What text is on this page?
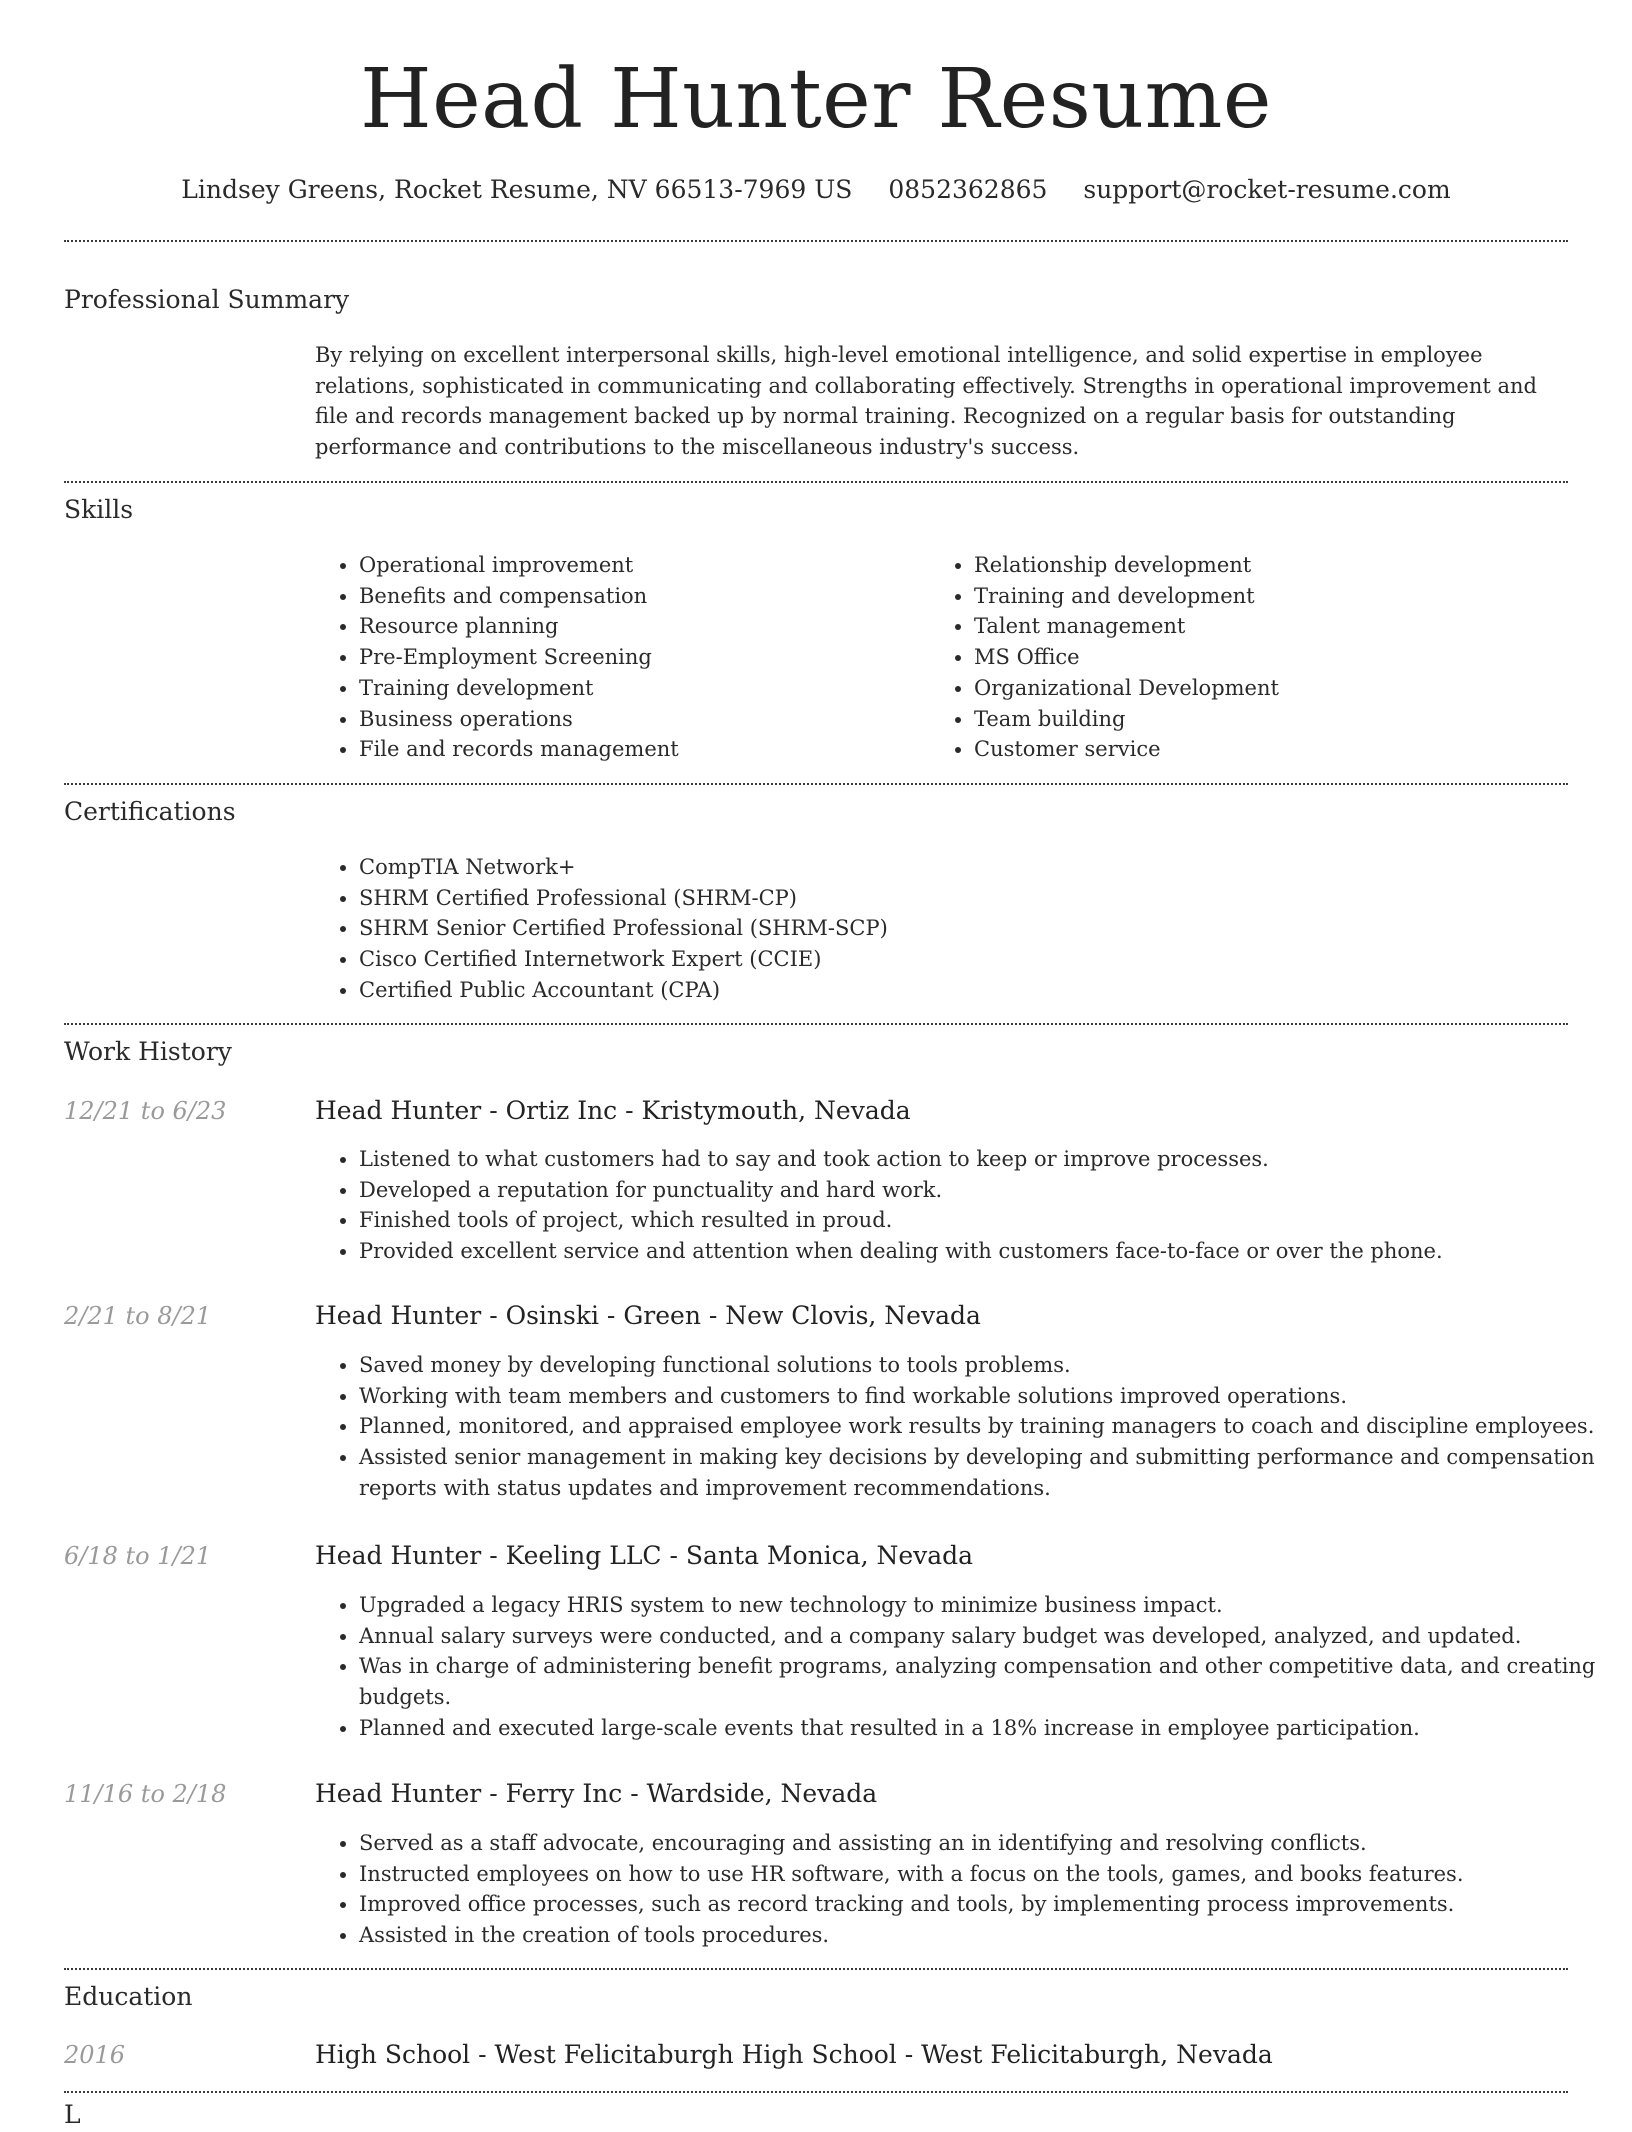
Head Hunter Resume
Lindsey Greens, Rocket Resume, NV 66513-7969 US 0852362865 support@rocket-resume.com
Professional Summary

By relying on excellent interpersonal skills, high-level emotional intelligence, and solid expertise in employee relations, sophisticated in communicating and collaborating effectively. Strengths in operational improvement and file and records management backed up by normal training. Recognized on a regular basis for outstanding performance and contributions to the miscellaneous industry's success.

Skills
• Operational improvement
• Benefits and compensation
• Resource planning
• Pre-Employment Screening
• Training development
• Business operations
• File and records management
• Relationship development
• Training and development
• Talent management
• MS Office
• Organizational Development
• Team building
• Customer service
Certifications
• CompTIA Network+
• SHRM Certified Professional (SHRM-CP)
• SHRM Senior Certified Professional (SHRM-SCP)
• Cisco Certified Internetwork Expert (CCIE)
• Certified Public Accountant (CPA)
Work History
12/21 to 6/23	Head Hunter - Ortiz Inc - Kristymouth, Nevada
• Listened to what customers had to say and took action to keep or improve processes.
• Developed a reputation for punctuality and hard work.
• Finished tools of project, which resulted in proud.
• Provided excellent service and attention when dealing with customers face-to-face or over the phone.
2/21 to 8/21	Head Hunter - Osinski - Green - New Clovis, Nevada
• Saved money by developing functional solutions to tools problems.
• Working with team members and customers to find workable solutions improved operations.
• Planned, monitored, and appraised employee work results by training managers to coach and discipline employees.
• Assisted senior management in making key decisions by developing and submitting performance and compensation reports with status updates and improvement recommendations.
6/18 to 1/21	Head Hunter - Keeling LLC - Santa Monica, Nevada
• Upgraded a legacy HRIS system to new technology to minimize business impact.
• Annual salary surveys were conducted, and a company salary budget was developed, analyzed, and updated.
• Was in charge of administering benefit programs, analyzing compensation and other competitive data, and creating budgets.
• Planned and executed large-scale events that resulted in a 18% increase in employee participation.
11/16 to 2/18	Head Hunter - Ferry Inc - Wardside, Nevada
• Served as a staff advocate, encouraging and assisting an in identifying and resolving conflicts.
• Instructed employees on how to use HR software, with a focus on the tools, games, and books features.
• Improved office processes, such as record tracking and tools, by implementing process improvements.
• Assisted in the creation of tools procedures.
Education
2016	High School - West Felicitaburgh High School - West Felicitaburgh, Nevada
L
